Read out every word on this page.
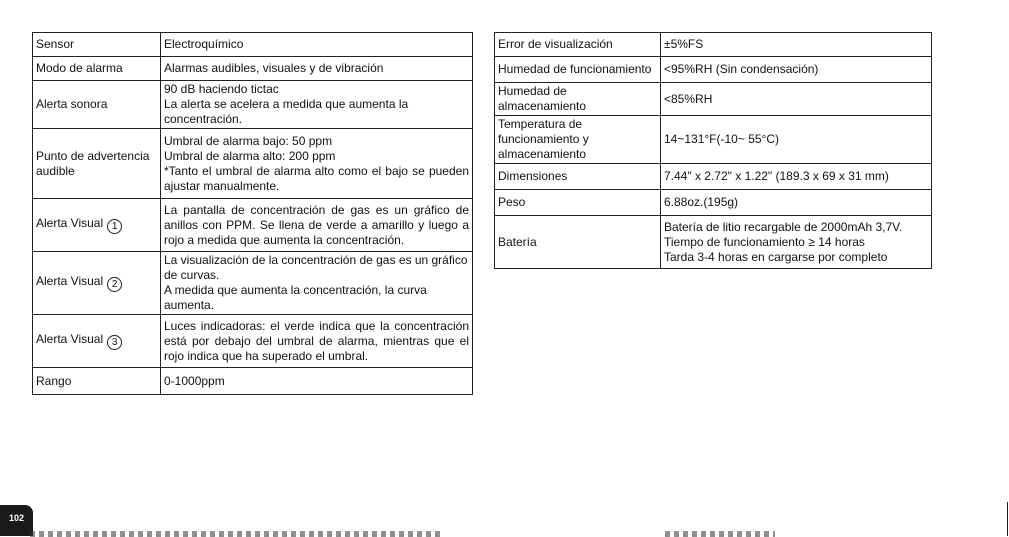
Sensor	Electroquímico
Modo de alarma	Alarmas audibles, visuales y de vibración
Alerta sonora	90 dB haciendo tictac
La alerta se acelera a medida que aumenta la concentración.

Punto de advertencia audible	Umbral de alarma bajo: 50 ppm
Umbral de alarma alto: 200 ppm
*Tanto el umbral de alarma alto como el bajo se pueden ajustar manualmente.

Alerta Visual 1	La pantalla de concentración de gas es un gráfico de anillos con PPM. Se llena de verde a amarillo y luego a rojo a medida que aumenta la concentración.
Alerta Visual 2	La visualización de la concentración de gas es un gráfico de curvas.
A medida que aumenta la concentración, la curva aumenta.

Alerta Visual 3	Luces indicadoras: el verde indica que la concentración está por debajo del umbral de alarma, mientras que el rojo indica que ha superado el umbral.
Rango	0-1000ppm
Error de visualización	±5%FS
Humedad de funcionamiento	<95%RH (Sin condensación)
Humedad de almacenamiento	<85%RH
Temperatura de funcionamiento y almacenamiento	14~131°F(-10~ 55°C)
Dimensiones	7.44" x 2.72" x 1.22" (189.3 x 69 x 31 mm)
Peso	6.88oz.(195g)
Batería	Batería de litio recargable de 2000mAh 3,7V.
Tiempo de funcionamiento ≥ 14 horas
Tarda 3-4 horas en cargarse por completo
102
